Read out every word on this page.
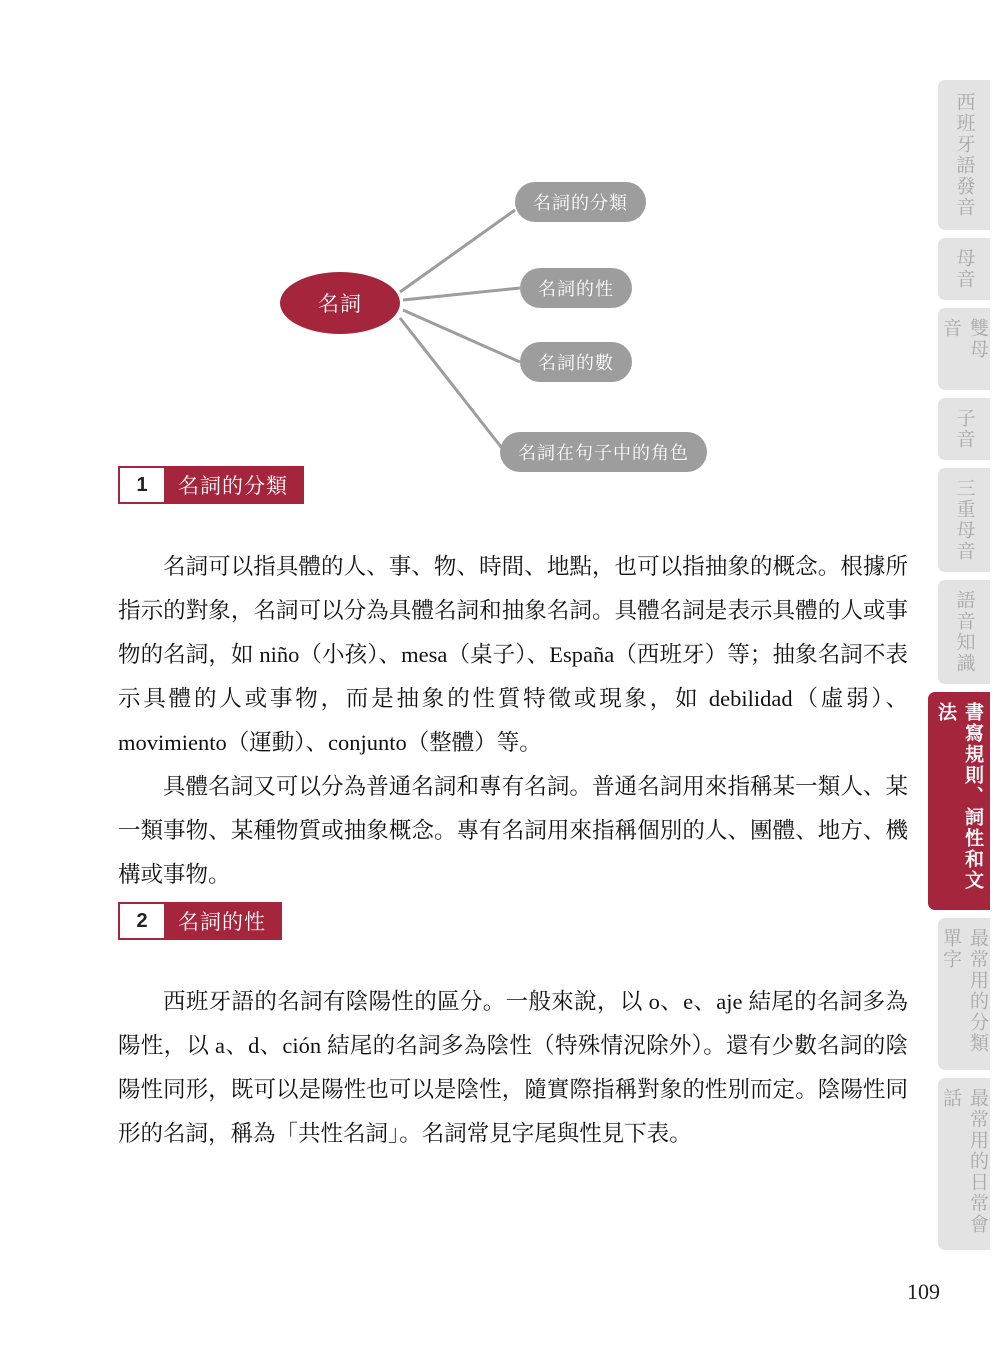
名詞
名詞的分類
名詞的性
名詞的數
名詞在句子中的角色
1	名詞的分類

名詞可以指具體的人、事、物、時間、地點，也可以指抽象的概念。根據所指示的對象，名詞可以分為具體名詞和抽象名詞。具體名詞是表示具體的人或事物的名詞，如 niño（小孩）、mesa（桌子）、España（西班牙）等；抽象名詞不表示具體的人或事物，而是抽象的性質特徵或現象，如 debilidad（虛弱）、movimiento（運動）、conjunto（整體）等。

具體名詞又可以分為普通名詞和專有名詞。普通名詞用來指稱某一類人、某一類事物、某種物質或抽象概念。專有名詞用來指稱個別的人、團體、地方、機構或事物。

2	名詞的性

西班牙語的名詞有陰陽性的區分。一般來說，以 o、e、aje 結尾的名詞多為陽性，以 a、d、ción 結尾的名詞多為陰性（特殊情況除外）。還有少數名詞的陰陽性同形，既可以是陽性也可以是陰性，隨實際指稱對象的性別而定。陰陽性同形的名詞，稱為「共性名詞」。名詞常見字尾與性見下表。

西班牙語發音
母音
雙母音
子音
三重母音
語音知識
書寫規則、詞性和文法
最常用的分類單字
最常用的日常會話
109
